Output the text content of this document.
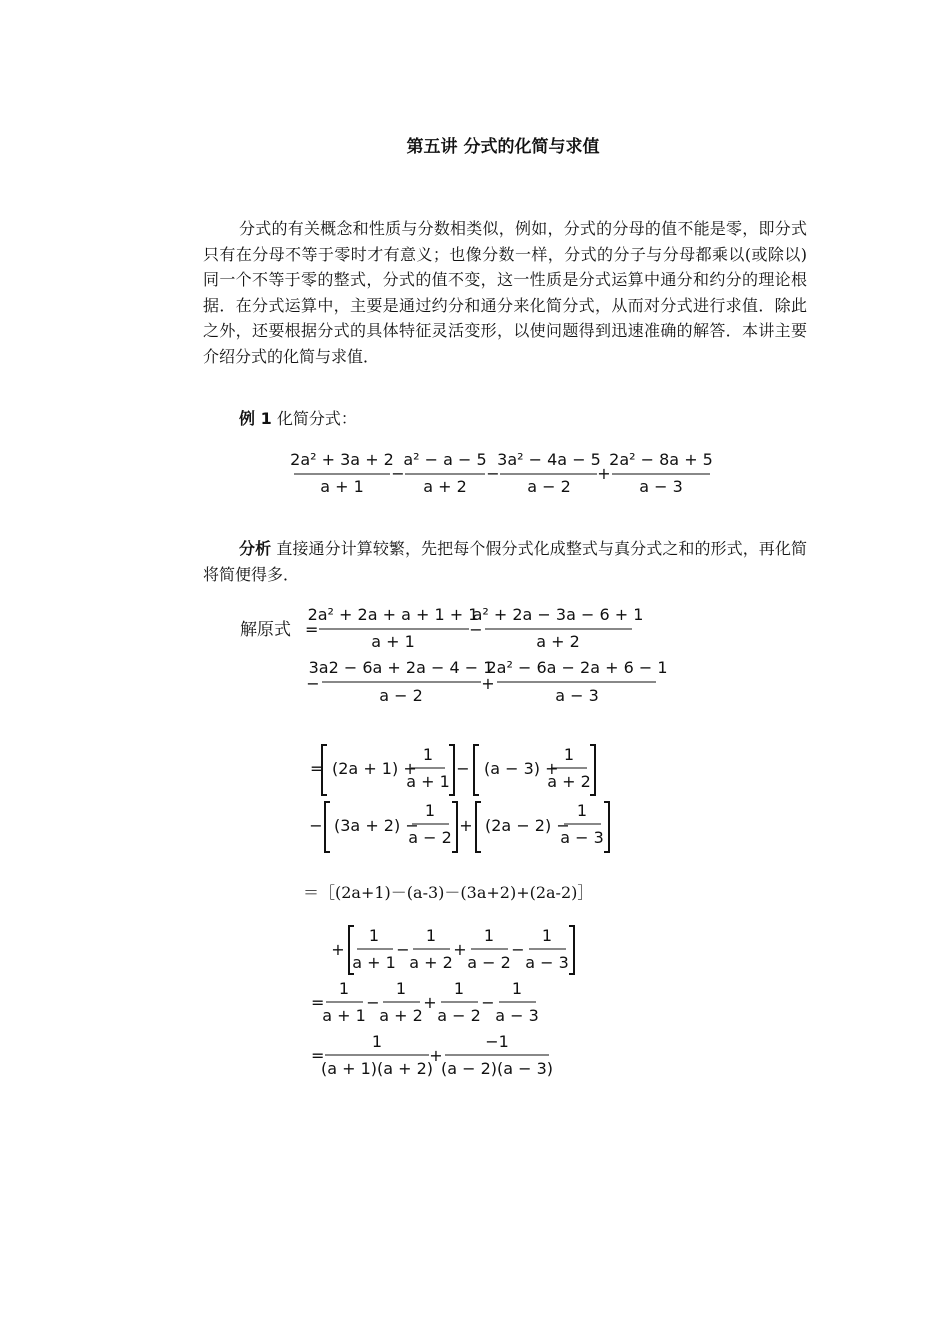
第五讲 分式的化简与求值
分式的有关概念和性质与分数相类似，例如，分式的分母的值不能是零，即分式只有在分母不等于零时才有意义；也像分数一样，分式的分子与分母都乘以(或除以)同一个不等于零的整式，分式的值不变，这一性质是分式运算中通分和约分的理论根据．在分式运算中，主要是通过约分和通分来化简分式，从而对分式进行求值．除此之外，还要根据分式的具体特征灵活变形，以使问题得到迅速准确的解答．本讲主要介绍分式的化简与求值．
例 1 化简分式：
分析 直接通分计算较繁，先把每个假分式化成整式与真分式之和的形式，再化简将简便得多．
2a² + 3a + 2
a + 1
−
a² − a − 5
a + 2
−
3a² − 4a − 5
a − 2
+
2a² − 8a + 5
a − 3
解原式 =
2a² + 2a + a + 1 + 1
a + 1
−
a² + 2a − 3a − 6 + 1
a + 2
−
3a2 − 6a + 2a − 4 − 1
a − 2
+
2a² − 6a − 2a + 6 − 1
a − 3
= (2a + 1) +
1
a + 1
− (a − 3) +
1
a + 2
− (3a + 2) −
1
a − 2
+ (2a − 2) −
1
a − 3
+
1
a + 1
−
1
a + 2
+
1
a − 2
−
1
a − 3
=
1
a + 1
−
1
a + 2
+
1
a − 2
−
1
a − 3
=
1
(a + 1)(a + 2)
+
−1
(a − 2)(a − 3)
＝［(2a+1)－(a-3)－(3a+2)+(2a-2)］
